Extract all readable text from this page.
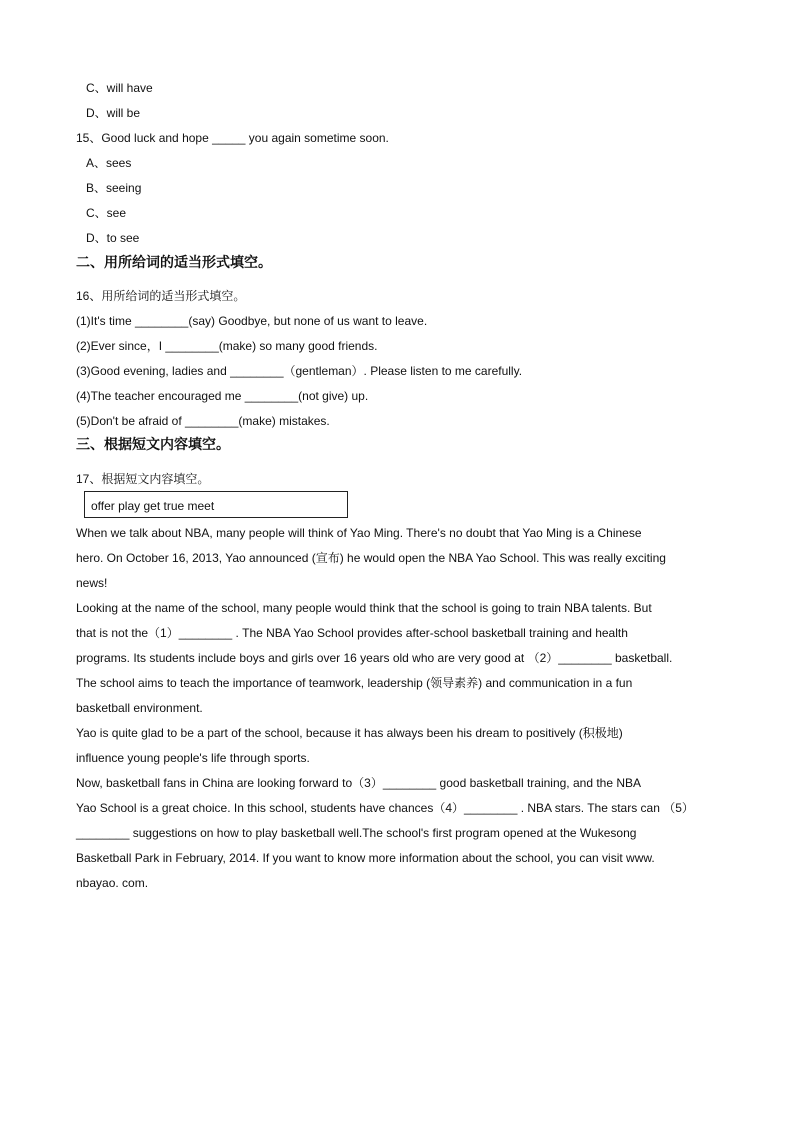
C、will have
D、will be
15、Good luck and hope _____ you again sometime soon.
A、sees
B、seeing
C、see
D、to see
二、用所给词的适当形式填空。
16、用所给词的适当形式填空。
(1)It's time ________(say) Goodbye, but none of us want to leave.
(2)Ever since，I ________(make) so many good friends.
(3)Good evening, ladies and ________（gentleman）. Please listen to me carefully.
(4)The teacher encouraged me ________(not give) up.
(5)Don't be afraid of ________(make) mistakes.
三、根据短文内容填空。
17、根据短文内容填空。
offer play get true meet
When we talk about NBA, many people will think of Yao Ming. There's no doubt that Yao Ming is a Chinese
hero. On October 16, 2013, Yao announced (宣布) he would open the NBA Yao School. This was really exciting
news!
Looking at the name of the school, many people would think that the school is going to train NBA talents. But
that is not the（1）________ . The NBA Yao School provides after-school basketball training and health
programs. Its students include boys and girls over 16 years old who are very good at （2）________ basketball.
The school aims to teach the importance of teamwork, leadership (领导素养) and communication in a fun
basketball environment.
Yao is quite glad to be a part of the school, because it has always been his dream to positively (积极地)
influence young people's life through sports.
Now, basketball fans in China are looking forward to（3）________ good basketball training, and the NBA
Yao School is a great choice. In this school, students have chances（4）________ . NBA stars. The stars can （5）
________ suggestions on how to play basketball well.The school's first program opened at the Wukesong
Basketball Park in February, 2014. If you want to know more information about the school, you can visit www.
nbayao. com.
